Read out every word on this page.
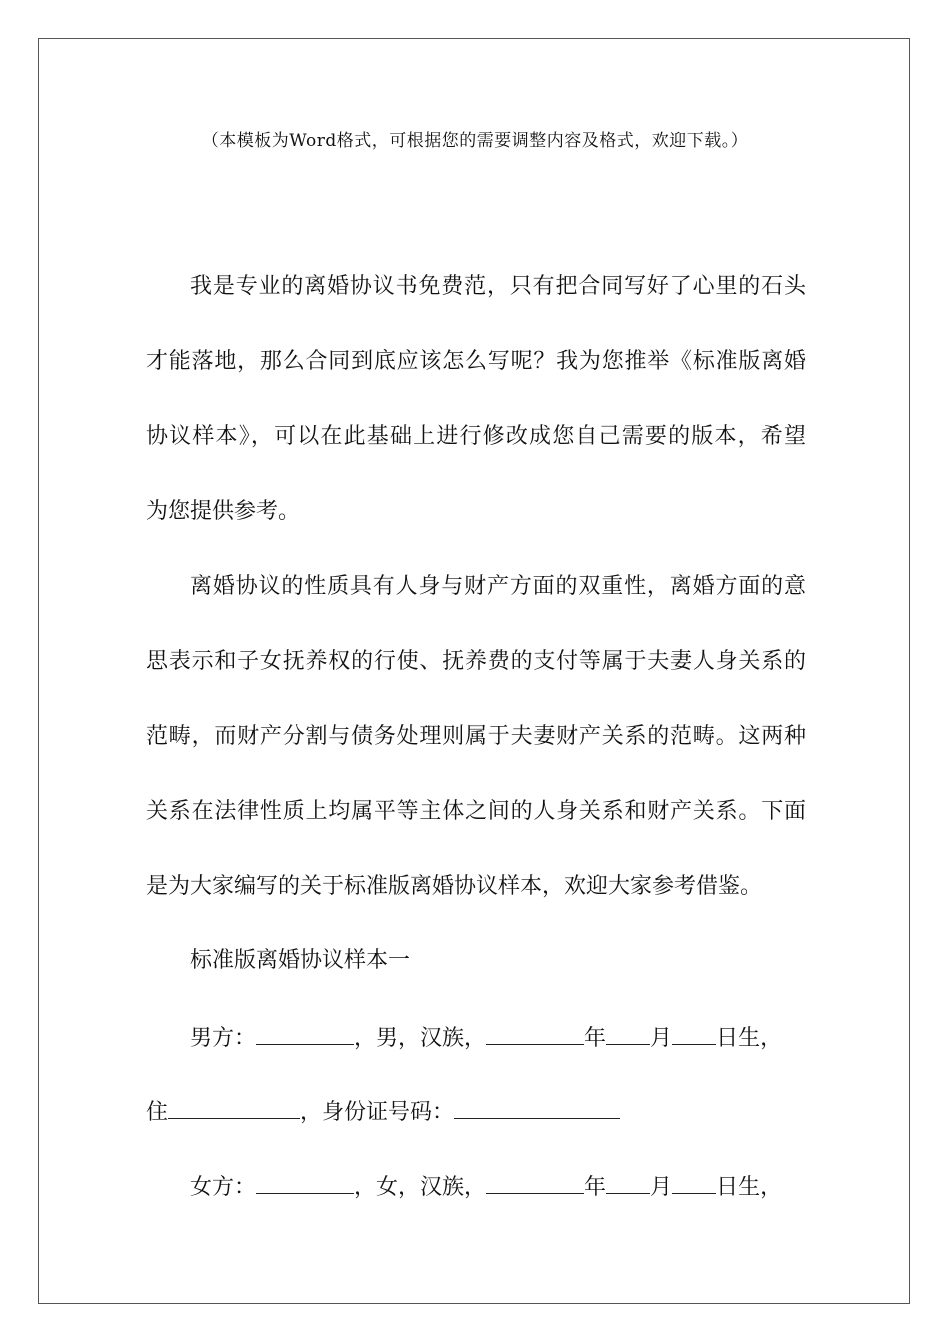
（本模板为Word格式，可根据您的需要调整内容及格式，欢迎下载。）
我是专业的离婚协议书免费范，只有把合同写好了心里的石头
才能落地，那么合同到底应该怎么写呢？我为您推举《标准版离婚
协议样本》，可以在此基础上进行修改成您自己需要的版本，希望
为您提供参考。
离婚协议的性质具有人身与财产方面的双重性，离婚方面的意
思表示和子女抚养权的行使、抚养费的支付等属于夫妻人身关系的
范畴，而财产分割与债务处理则属于夫妻财产关系的范畴。这两种
关系在法律性质上均属平等主体之间的人身关系和财产关系。下面
是为大家编写的关于标准版离婚协议样本，欢迎大家参考借鉴。
标准版离婚协议样本一
男方：	，男，汉族，	年 月 日生，
住	，身份证号码：
女方：	，女，汉族，	年 月 日生，
